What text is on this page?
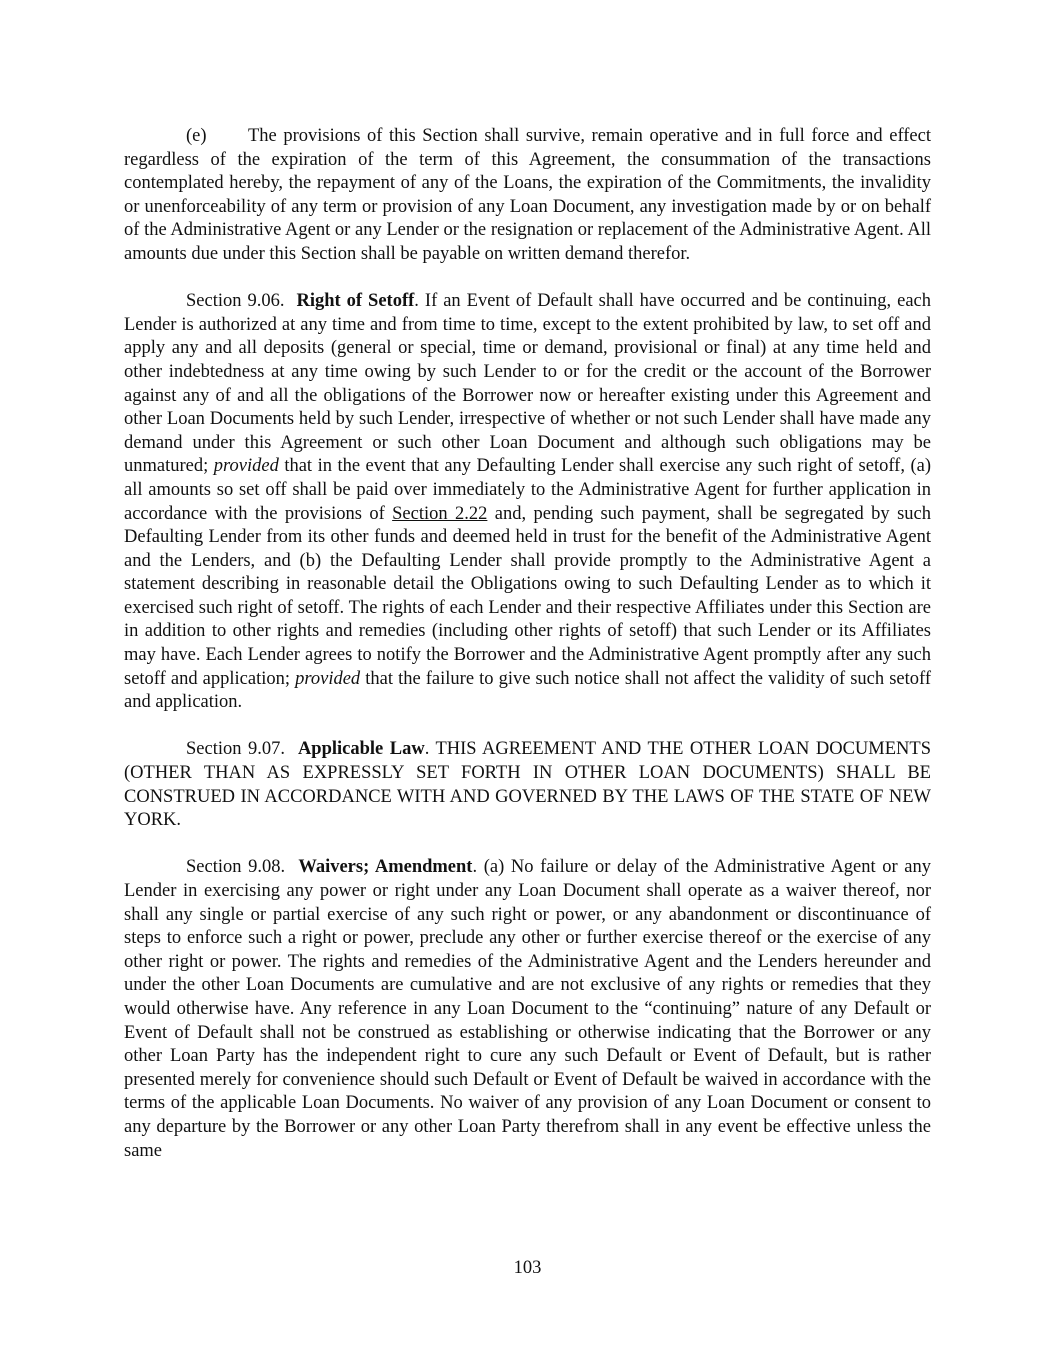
(e) The provisions of this Section shall survive, remain operative and in full force and effect regardless of the expiration of the term of this Agreement, the consummation of the transactions contemplated hereby, the repayment of any of the Loans, the expiration of the Commitments, the invalidity or unenforceability of any term or provision of any Loan Document, any investigation made by or on behalf of the Administrative Agent or any Lender or the resignation or replacement of the Administrative Agent. All amounts due under this Section shall be payable on written demand therefor.

Section 9.06. Right of Setoff. If an Event of Default shall have occurred and be continuing, each Lender is authorized at any time and from time to time, except to the extent prohibited by law, to set off and apply any and all deposits (general or special, time or demand, provisional or final) at any time held and other indebtedness at any time owing by such Lender to or for the credit or the account of the Borrower against any of and all the obligations of the Borrower now or hereafter existing under this Agreement and other Loan Documents held by such Lender, irrespective of whether or not such Lender shall have made any demand under this Agreement or such other Loan Document and although such obligations may be unmatured; provided that in the event that any Defaulting Lender shall exercise any such right of setoff, (a) all amounts so set off shall be paid over immediately to the Administrative Agent for further application in accordance with the provisions of Section 2.22 and, pending such payment, shall be segregated by such Defaulting Lender from its other funds and deemed held in trust for the benefit of the Administrative Agent and the Lenders, and (b) the Defaulting Lender shall provide promptly to the Administrative Agent a statement describing in reasonable detail the Obligations owing to such Defaulting Lender as to which it exercised such right of setoff. The rights of each Lender and their respective Affiliates under this Section are in addition to other rights and remedies (including other rights of setoff) that such Lender or its Affiliates may have. Each Lender agrees to notify the Borrower and the Administrative Agent promptly after any such setoff and application; provided that the failure to give such notice shall not affect the validity of such setoff and application.

Section 9.07. Applicable Law. THIS AGREEMENT AND THE OTHER LOAN DOCUMENTS (OTHER THAN AS EXPRESSLY SET FORTH IN OTHER LOAN DOCUMENTS) SHALL BE CONSTRUED IN ACCORDANCE WITH AND GOVERNED BY THE LAWS OF THE STATE OF NEW YORK.

Section 9.08. Waivers; Amendment. (a) No failure or delay of the Administrative Agent or any Lender in exercising any power or right under any Loan Document shall operate as a waiver thereof, nor shall any single or partial exercise of any such right or power, or any abandonment or discontinuance of steps to enforce such a right or power, preclude any other or further exercise thereof or the exercise of any other right or power. The rights and remedies of the Administrative Agent and the Lenders hereunder and under the other Loan Documents are cumulative and are not exclusive of any rights or remedies that they would otherwise have. Any reference in any Loan Document to the “continuing” nature of any Default or Event of Default shall not be construed as establishing or otherwise indicating that the Borrower or any other Loan Party has the independent right to cure any such Default or Event of Default, but is rather presented merely for convenience should such Default or Event of Default be waived in accordance with the terms of the applicable Loan Documents. No waiver of any provision of any Loan Document or consent to any departure by the Borrower or any other Loan Party therefrom shall in any event be effective unless the same

103
